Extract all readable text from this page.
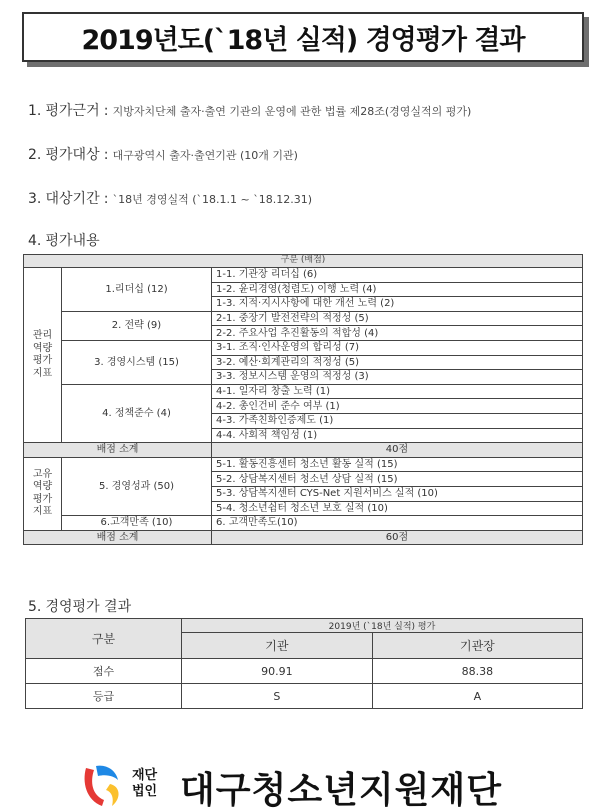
2019년도(`18년 실적) 경영평가 결과
1. 평가근거 : 지방자치단체 출자·출연 기관의 운영에 관한 법률 제28조(경영실적의 평가)
2. 평가대상 : 대구광역시 출자·출연기관 (10개 기관)
3. 대상기간 : `18년 경영실적 (`18.1.1 ~ `18.12.31)
4. 평가내용
구분 (배점)		
관리
역량
평가
지표	1.리더십 (12)	1-1. 기관장 리더십 (6)
		1-2. 윤리경영(청렴도) 이행 노력 (4)
		1-3. 지적·지시사항에 대한 개선 노력 (2)
	2. 전략 (9)	2-1. 중장기 발전전략의 적정성 (5)
		2-2. 주요사업 추진활동의 적합성 (4)
	3. 경영시스템 (15)	3-1. 조직·인사운영의 합리성 (7)
		3-2. 예산·회계관리의 적정성 (5)
		3-3. 정보시스템 운영의 적정성 (3)
	4. 정책준수 (4)	4-1. 일자리 창출 노력 (1)
		4-2. 총인건비 준수 여부 (1)
		4-3. 가족친화인증제도 (1)
		4-4. 사회적 책임성 (1)
배점 소계		40점
고유
역량
평가
지표	5. 경영성과 (50)	5-1. 활동진흥센터 청소년 활동 실적 (15)
		5-2. 상담복지센터 청소년 상담 실적 (15)
		5-3. 상담복지센터 CYS-Net 지원서비스 실적 (10)
		5-4. 청소년쉼터 청소년 보호 실적 (10)
	6.고객만족 (10)	6. 고객만족도(10)
배점 소계		60점
5. 경영평가 결과
구분	2019년 (`18년 실적) 평가	
	기관	기관장
점수	90.91	88.38
등급	S	A
재단
법인 대구청소년지원재단
